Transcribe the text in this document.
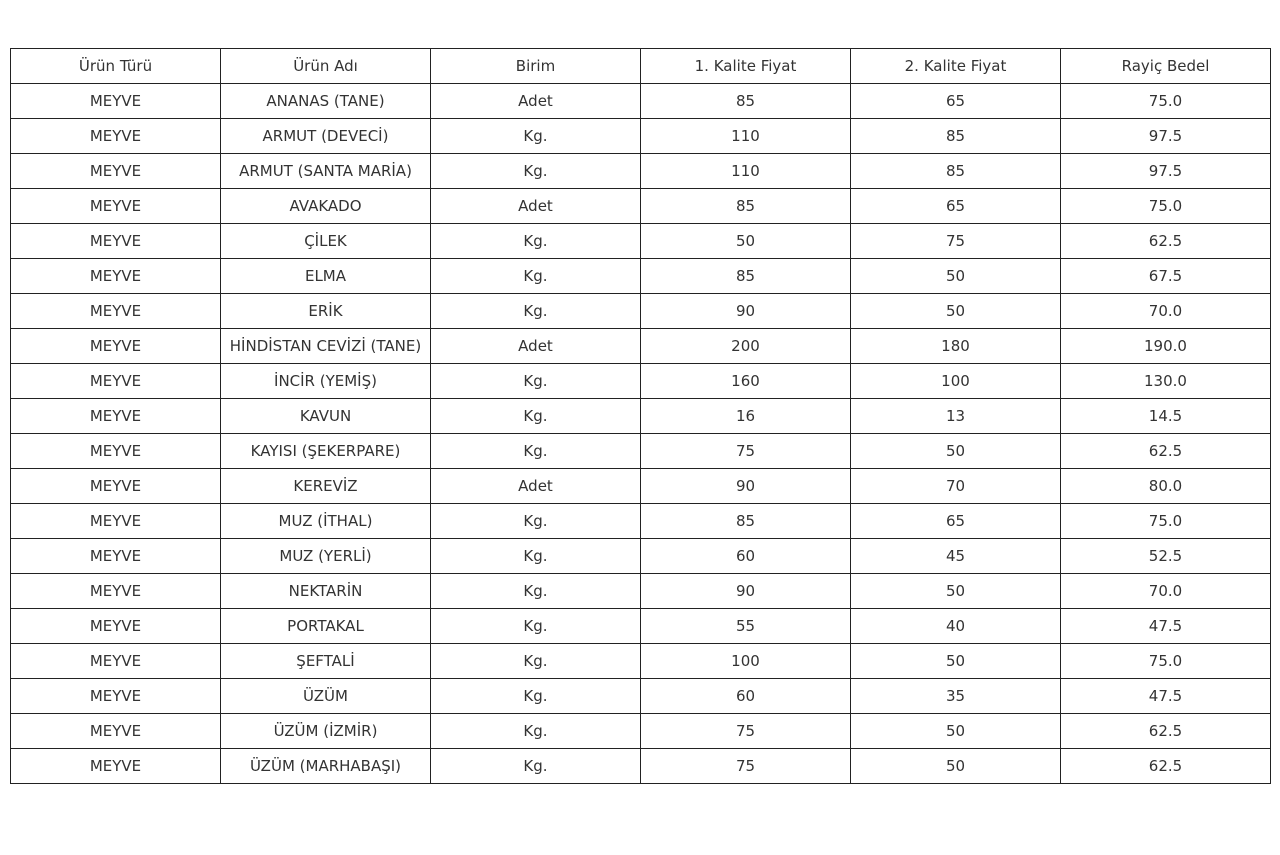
Ürün Türü	Ürün Adı	Birim	1. Kalite Fiyat	2. Kalite Fiyat	Rayiç Bedel
MEYVE	ANANAS (TANE)	Adet	85	65	75.0
MEYVE	ARMUT (DEVECİ)	Kg.	110	85	97.5
MEYVE	ARMUT (SANTA MARİA)	Kg.	110	85	97.5
MEYVE	AVAKADO	Adet	85	65	75.0
MEYVE	ÇİLEK	Kg.	50	75	62.5
MEYVE	ELMA	Kg.	85	50	67.5
MEYVE	ERİK	Kg.	90	50	70.0
MEYVE	HİNDİSTAN CEVİZİ (TANE)	Adet	200	180	190.0
MEYVE	İNCİR (YEMİŞ)	Kg.	160	100	130.0
MEYVE	KAVUN	Kg.	16	13	14.5
MEYVE	KAYISI (ŞEKERPARE)	Kg.	75	50	62.5
MEYVE	KEREVİZ	Adet	90	70	80.0
MEYVE	MUZ (İTHAL)	Kg.	85	65	75.0
MEYVE	MUZ (YERLİ)	Kg.	60	45	52.5
MEYVE	NEKTARİN	Kg.	90	50	70.0
MEYVE	PORTAKAL	Kg.	55	40	47.5
MEYVE	ŞEFTALİ	Kg.	100	50	75.0
MEYVE	ÜZÜM	Kg.	60	35	47.5
MEYVE	ÜZÜM (İZMİR)	Kg.	75	50	62.5
MEYVE	ÜZÜM (MARHABAŞI)	Kg.	75	50	62.5
